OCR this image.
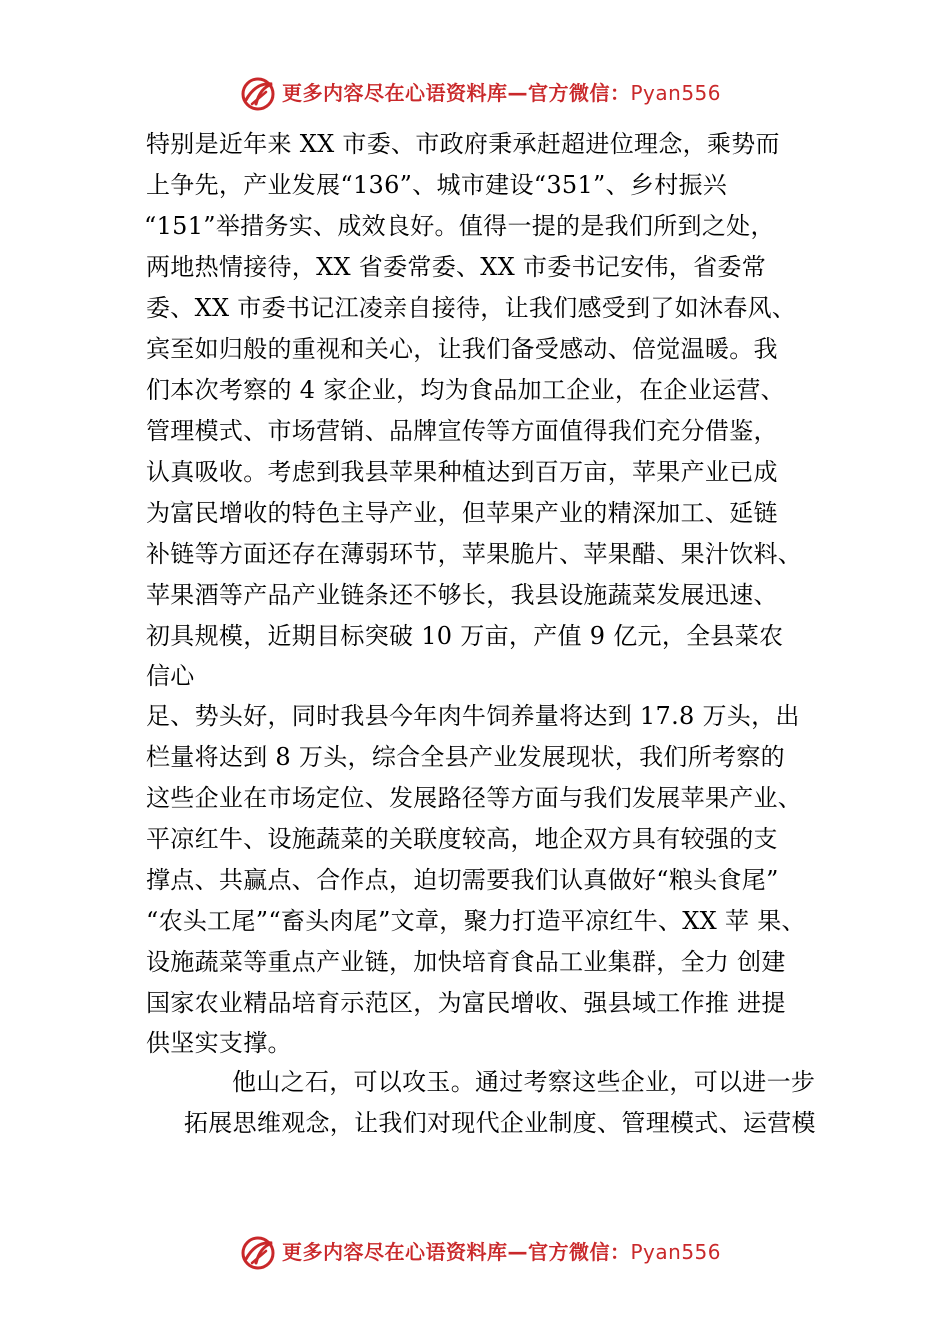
更多内容尽在心语资料库—官方微信：Pyan556
特别是近年来 XX 市委、市政府秉承赶超进位理念，乘势而
上争先，产业发展“136”、城市建设“351”、乡村振兴
“151”举措务实、成效良好。值得一提的是我们所到之处，
两地热情接待，XX 省委常委、XX 市委书记安伟，省委常
委、XX 市委书记江凌亲自接待，让我们感受到了如沐春风、
宾至如归般的重视和关心，让我们备受感动、倍觉温暖。我
们本次考察的 4 家企业，均为食品加工企业，在企业运营、
管理模式、市场营销、品牌宣传等方面值得我们充分借鉴，
认真吸收。考虑到我县苹果种植达到百万亩，苹果产业已成
为富民增收的特色主导产业，但苹果产业的精深加工、延链
补链等方面还存在薄弱环节，苹果脆片、苹果醋、果汁饮料、
苹果酒等产品产业链条还不够长，我县设施蔬菜发展迅速、
初具规模，近期目标突破 10 万亩，产值 9 亿元，全县菜农
信心
足、势头好，同时我县今年肉牛饲养量将达到 17.8 万头，出
栏量将达到 8 万头，综合全县产业发展现状，我们所考察的
这些企业在市场定位、发展路径等方面与我们发展苹果产业、
平凉红牛、设施蔬菜的关联度较高，地企双方具有较强的支
撑点、共赢点、合作点，迫切需要我们认真做好“粮头食尾”
“农头工尾”“畜头肉尾”文章，聚力打造平凉红牛、XX 苹 果、
设施蔬菜等重点产业链，加快培育食品工业集群，全力 创建
国家农业精品培育示范区，为富民增收、强县域工作推 进提
供坚实支撑。
他山之石，可以攻玉。通过考察这些企业，可以进一步
拓展思维观念，让我们对现代企业制度、管理模式、运营模
更多内容尽在心语资料库—官方微信：Pyan556
